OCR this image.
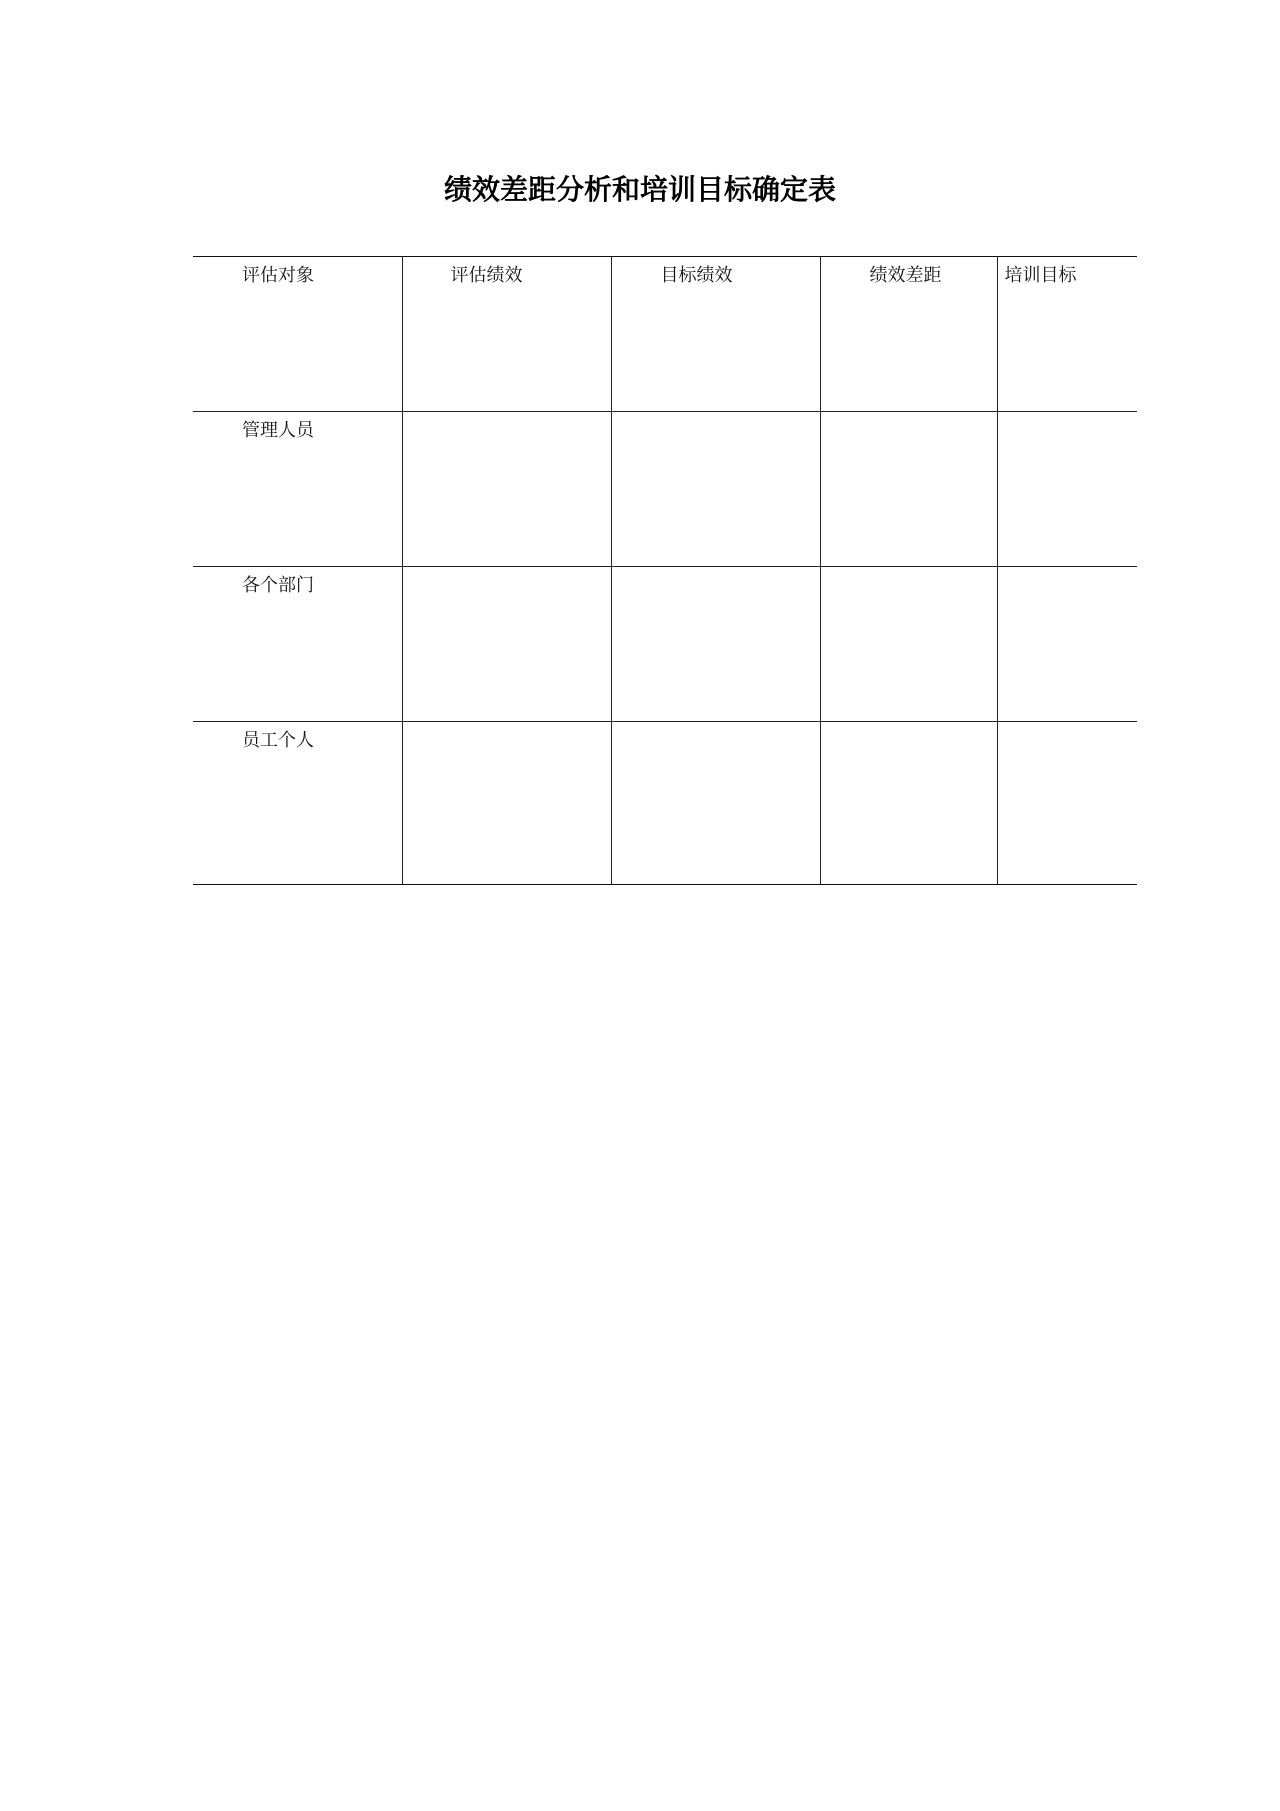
绩效差距分析和培训目标确定表
评估对象	评估绩效	目标绩效	绩效差距	培训目标

管理人员				

各个部门				

员工个人				
